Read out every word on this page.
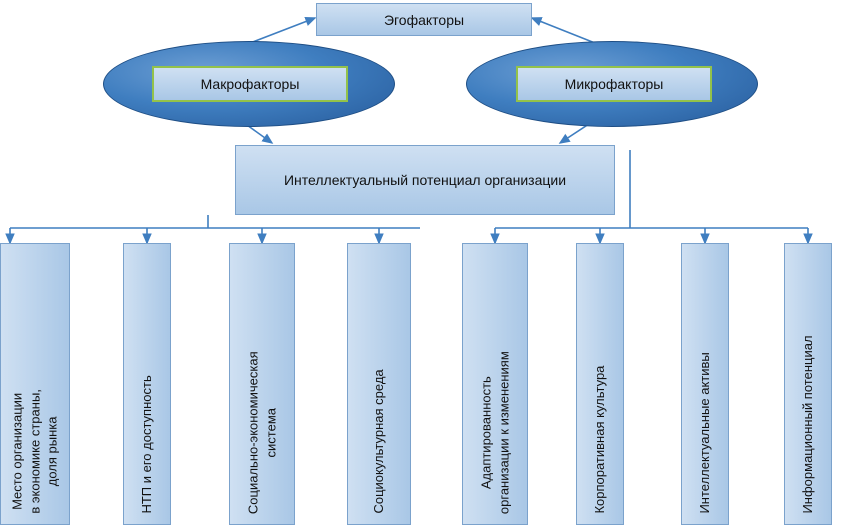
Эгофакторы
Макрофакторы	Микрофакторы
Интеллектуальный потенциал организации
Место организации в экономике страны, доля рынка	НТП и его доступность	Социально-экономическая система	Социокультурная среда	Адаптированность организации к изменениям	Корпоративная культура	Интеллектуальные активы	Информационный потенциал
